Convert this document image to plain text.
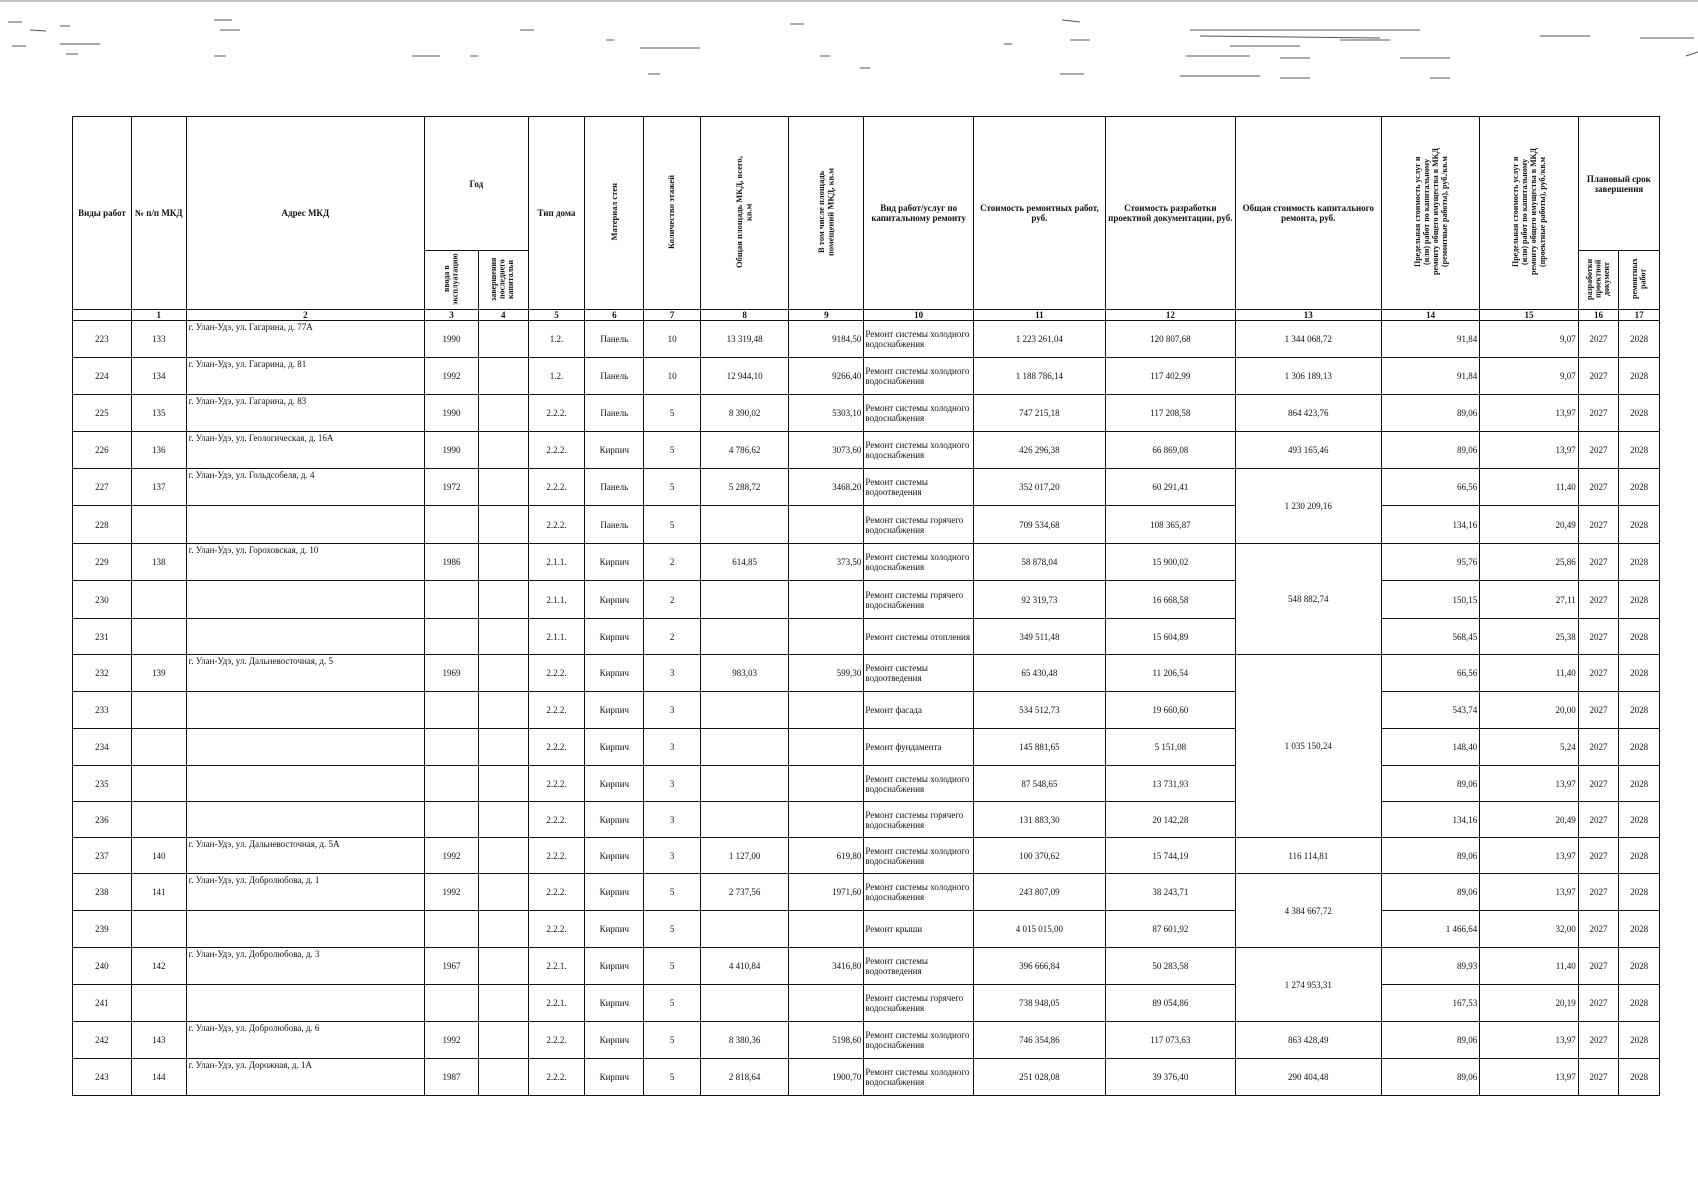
Виды работ	№ п/п МКД	Адрес МКД	Год		Тип дома	Материал стен	Количество этажей	Общая площадь МКД, всего, кв.м	В том числе площадь помещений МКД, кв.м	Вид работ/услуг по капитальному ремонту	Стоимость ремонтных работ, руб.	Стоимость разработки проектной документации, руб.	Общая стоимость капитального ремонта, руб.	Предельная стоимость услуг и (или) работ по капитальному ремонту общего имущества в МКД (ремонтные работы), руб./кв.м	Предельная стоимость услуг и (или) работ по капитальному ремонту общего имущества в МКД (проектные работы), руб./кв.м	Плановый срок завершения	
			ввода в эксплуатацию	завершения последнего капитальн												разработки проектной документ	ремонтных работ
	1	2	3	4	5	6	7	8	9	10	11	12	13	14	15	16	17
223	133	г. Улан-Удэ, ул. Гагарина, д. 77А	1990		1.2.	Панель	10	13 319,48	9184,50	Ремонт системы холодного водоснабжения	1 223 261,04	120 807,68	1 344 068,72	91,84	9,07	2027	2028
224	134	г. Улан-Удэ, ул. Гагарина, д. 81	1992		1.2.	Панель	10	12 944,10	9266,40	Ремонт системы холодного водоснабжения	1 188 786,14	117 402,99	1 306 189,13	91,84	9,07	2027	2028
225	135	г. Улан-Удэ, ул. Гагарина, д. 83	1990		2.2.2.	Панель	5	8 390,02	5303,10	Ремонт системы холодного водоснабжения	747 215,18	117 208,58	864 423,76	89,06	13,97	2027	2028
226	136	г. Улан-Удэ, ул. Геологическая, д. 16А	1990		2.2.2.	Кирпич	5	4 786,62	3073,60	Ремонт системы холодного водоснабжения	426 296,38	66 869,08	493 165,46	89,06	13,97	2027	2028
227	137	г. Улан-Удэ, ул. Гольдсобеля, д. 4	1972		2.2.2.	Панель	5	5 288,72	3468,20	Ремонт системы водоотведения	352 017,20	60 291,41	1 230 209,16	66,56	11,40	2027	2028
228					2.2.2.	Панель	5			Ремонт системы горячего водоснабжения	709 534,68	108 365,87		134,16	20,49	2027	2028
229	138	г. Улан-Удэ, ул. Гороховская, д. 10	1986		2.1.1.	Кирпич	2	614,85	373,50	Ремонт системы холодного водоснабжения	58 878,04	15 900,02	548 882,74	95,76	25,86	2027	2028
230					2.1.1.	Кирпич	2			Ремонт системы горячего водоснабжения	92 319,73	16 668,58		150,15	27,11	2027	2028
231					2.1.1.	Кирпич	2			Ремонт системы отопления	349 511,48	15 604,89		568,45	25,38	2027	2028
232	139	г. Улан-Удэ, ул. Дальневосточная, д. 5	1969		2.2.2.	Кирпич	3	983,03	599,30	Ремонт системы водоотведения	65 430,48	11 206,54	1 035 150,24	66,56	11,40	2027	2028
233					2.2.2.	Кирпич	3			Ремонт фасада	534 512,73	19 660,60		543,74	20,00	2027	2028
234					2.2.2.	Кирпич	3			Ремонт фундамента	145 881,65	5 151,08		148,40	5,24	2027	2028
235					2.2.2.	Кирпич	3			Ремонт системы холодного водоснабжения	87 548,65	13 731,93		89,06	13,97	2027	2028
236					2.2.2.	Кирпич	3			Ремонт системы горячего водоснабжения	131 883,30	20 142,28		134,16	20,49	2027	2028
237	140	г. Улан-Удэ, ул. Дальневосточная, д. 5А	1992		2.2.2.	Кирпич	3	1 127,00	619,80	Ремонт системы холодного водоснабжения	100 370,62	15 744,19	116 114,81	89,06	13,97	2027	2028
238	141	г. Улан-Удэ, ул. Добролюбова, д. 1	1992		2.2.2.	Кирпич	5	2 737,56	1971,60	Ремонт системы холодного водоснабжения	243 807,09	38 243,71	4 384 667,72	89,06	13,97	2027	2028
239					2.2.2.	Кирпич	5			Ремонт крыши	4 015 015,00	87 601,92		1 466,64	32,00	2027	2028
240	142	г. Улан-Удэ, ул. Добролюбова, д. 3	1967		2.2.1.	Кирпич	5	4 410,84	3416,80	Ремонт системы водоотведения	396 666,84	50 283,58	1 274 953,31	89,93	11,40	2027	2028
241					2.2.1.	Кирпич	5			Ремонт системы горячего водоснабжения	738 948,05	89 054,86		167,53	20,19	2027	2028
242	143	г. Улан-Удэ, ул. Добролюбова, д. 6	1992		2.2.2.	Кирпич	5	8 380,36	5198,60	Ремонт системы холодного водоснабжения	746 354,86	117 073,63	863 428,49	89,06	13,97	2027	2028
243	144	г. Улан-Удэ, ул. Дорожная, д. 1А	1987		2.2.2.	Кирпич	5	2 818,64	1900,70	Ремонт системы холодного водоснабжения	251 028,08	39 376,40	290 404,48	89,06	13,97	2027	2028
